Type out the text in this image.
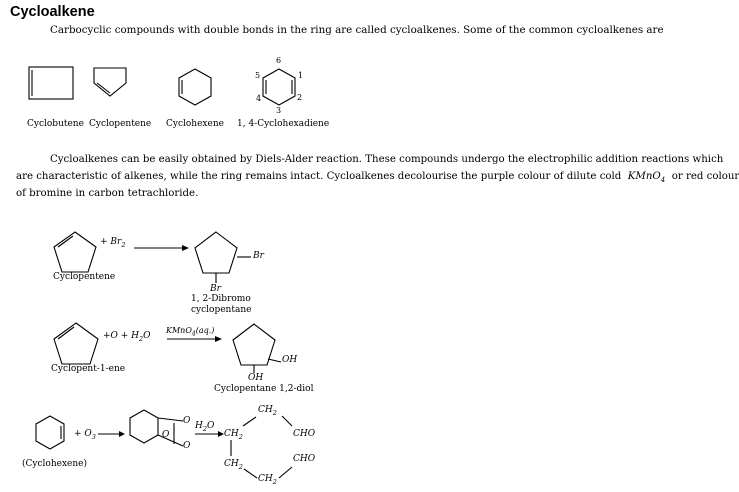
Cycloalkene
Carbocyclic compounds with double bonds in the ring are called cycloalkenes. Some of the common cycloalkenes are
6
5	1
4	2
3
Cyclobutene Cyclopentene Cyclohexene 1, 4-Cyclohexadiene
Cycloalkenes can be easily obtained by Diels-Alder reaction. These compounds undergo the electrophilic addition reactions which
are characteristic of alkenes, while the ring remains intact. Cycloalkenes decolourise the purple colour of dilute cold KMnO$_4$ or red colour
of bromine in carbon tetrachloride.
+ $Br_2$
Cyclopentene
Br
Br
1, 2-Dibromo
cyclopentane
$+O + H_2O$
KMnO$_4$(aq.)
Cyclopent-1-ene
OH
OH
Cyclopentane 1,2-diol
+ $O_3$
(Cyclohexene)
O
O
O
$H_2O$
$CH_2$
$CH_2$
$CH_2$
$CH_2$
CHO
CHO
